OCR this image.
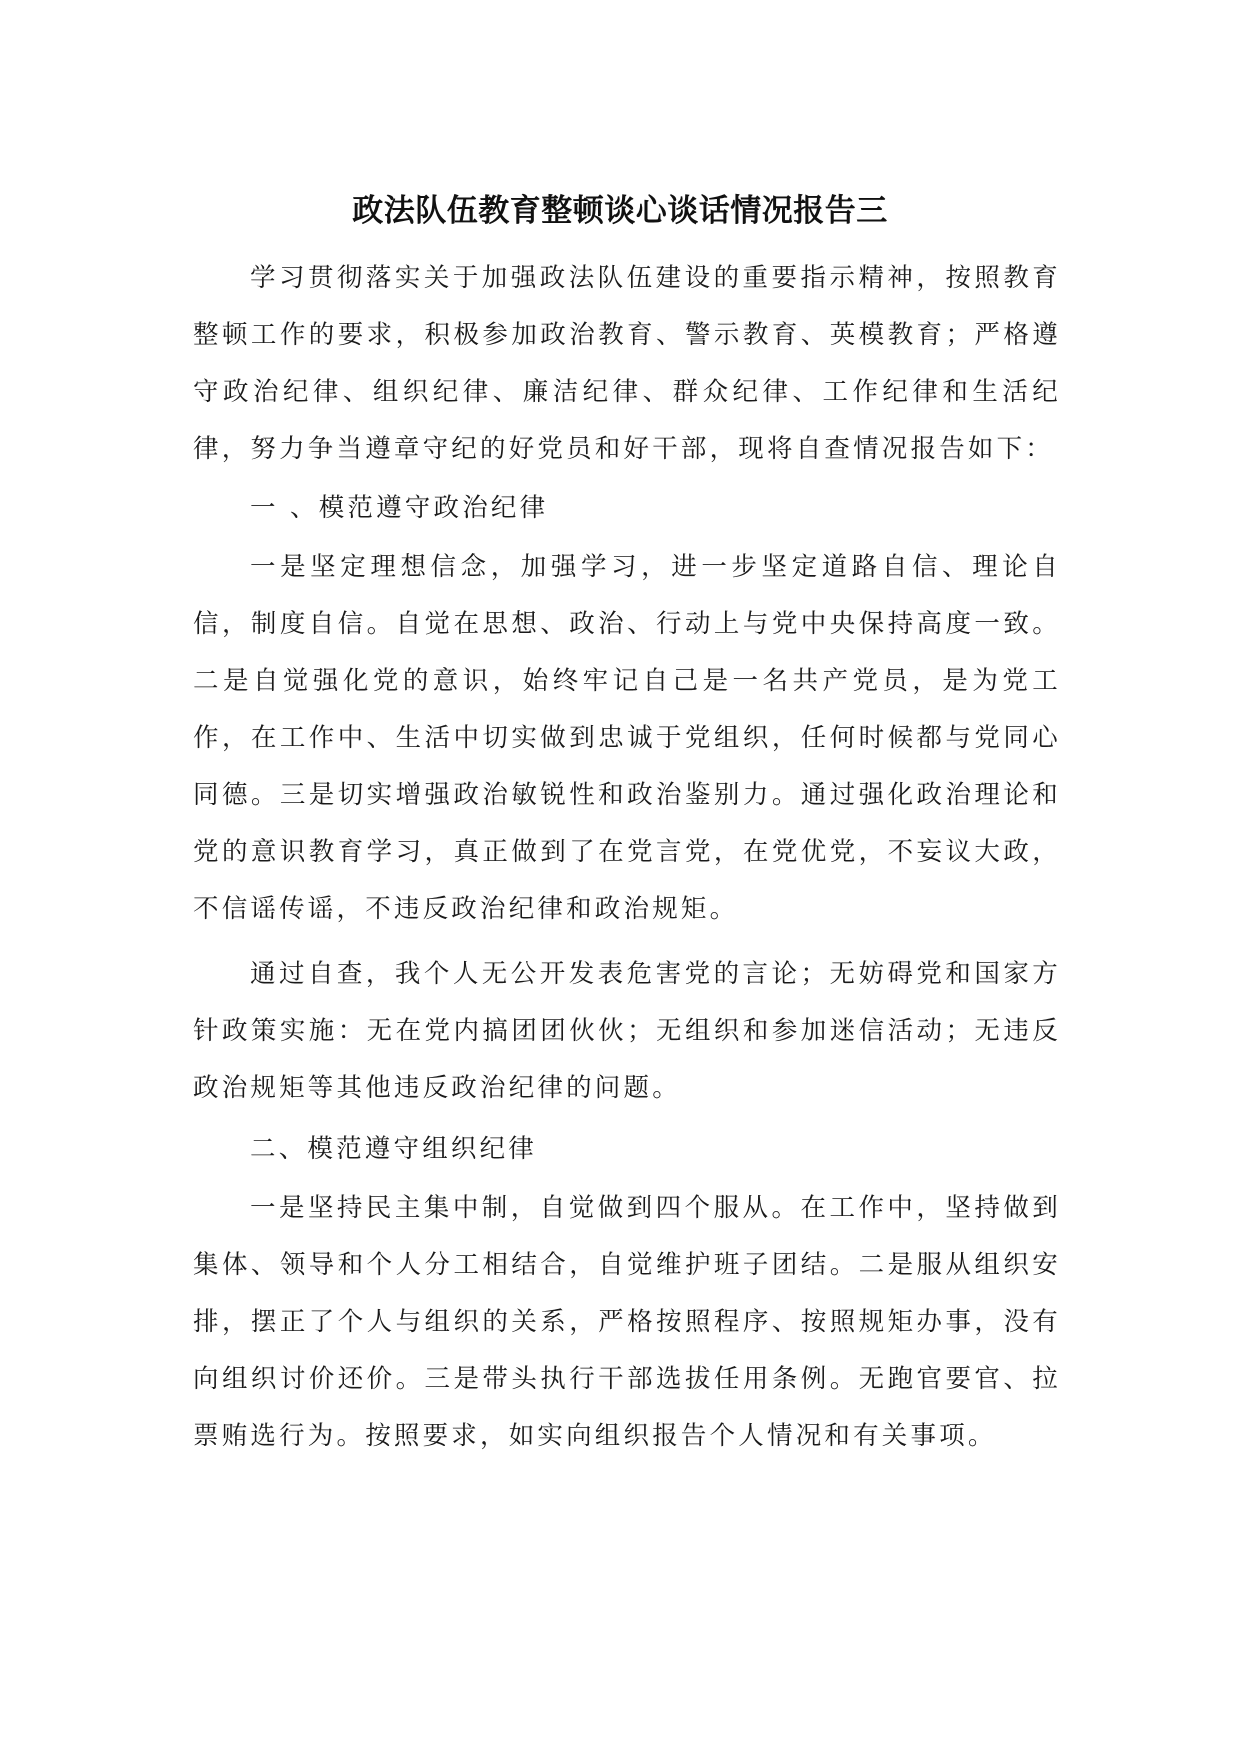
政法队伍教育整顿谈心谈话情况报告三

学习贯彻落实关于加强政法队伍建设的重要指示精神，按照教育整顿工作的要求，积极参加政治教育、警示教育、英模教育；严格遵守政治纪律、组织纪律、廉洁纪律、群众纪律、工作纪律和生活纪律，努力争当遵章守纪的好党员和好干部，现将自查情况报告如下：

一 、模范遵守政治纪律

一是坚定理想信念，加强学习，进一步坚定道路自信、理论自信，制度自信。自觉在思想、政治、行动上与党中央保持高度一致。二是自觉强化党的意识，始终牢记自己是一名共产党员，是为党工作，在工作中、生活中切实做到忠诚于党组织，任何时候都与党同心同德。三是切实增强政治敏锐性和政治鉴别力。通过强化政治理论和党的意识教育学习，真正做到了在党言党，在党优党，不妄议大政，不信谣传谣，不违反政治纪律和政治规矩。

通过自查，我个人无公开发表危害党的言论；无妨碍党和国家方针政策实施：无在党内搞团团伙伙；无组织和参加迷信活动；无违反政治规矩等其他违反政治纪律的问题。

二、模范遵守组织纪律

一是坚持民主集中制，自觉做到四个服从。在工作中，坚持做到集体、领导和个人分工相结合，自觉维护班子团结。二是服从组织安排，摆正了个人与组织的关系，严格按照程序、按照规矩办事，没有向组织讨价还价。三是带头执行干部选拔任用条例。无跑官要官、拉票贿选行为。按照要求，如实向组织报告个人情况和有关事项。
